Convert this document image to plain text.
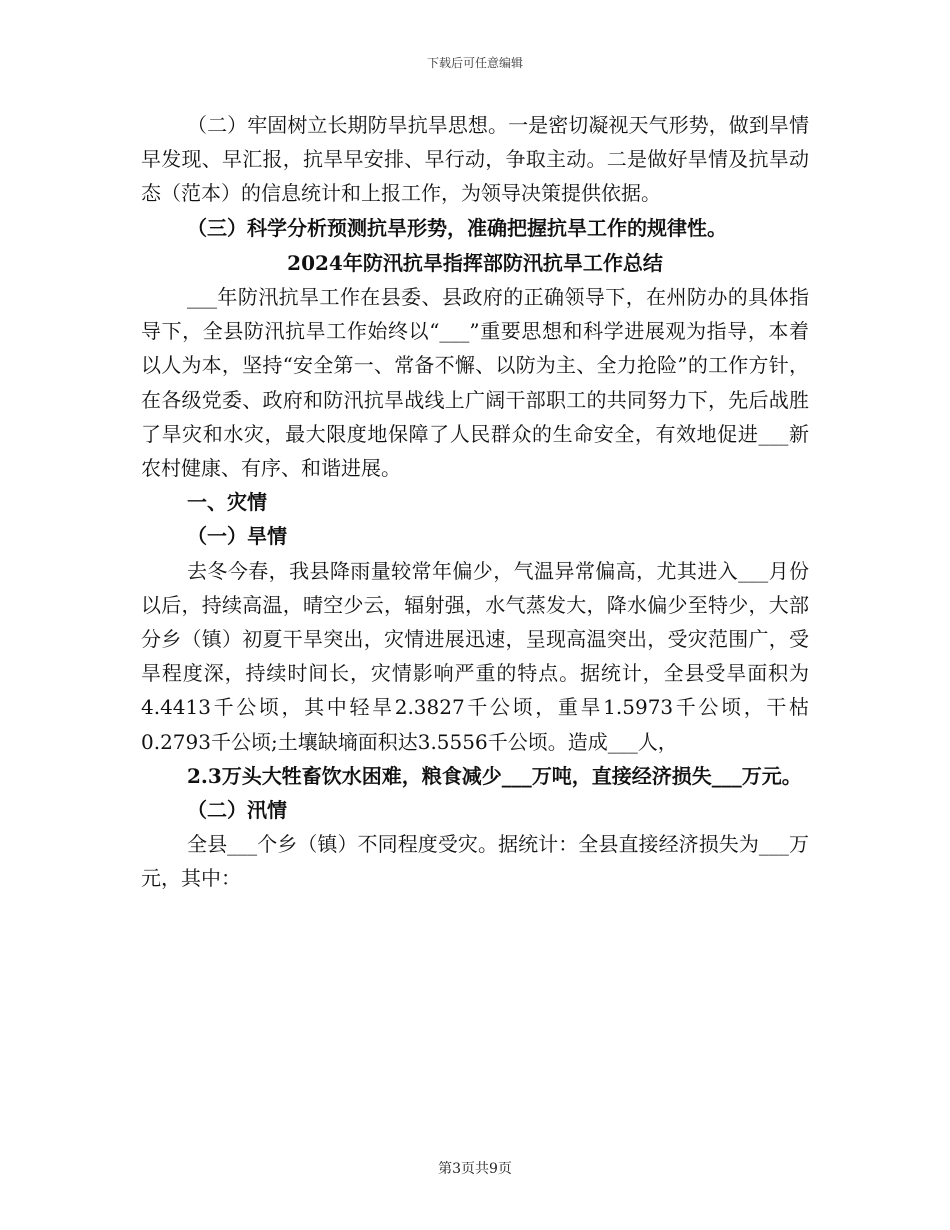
下载后可任意编辑

（二）牢固树立长期防旱抗旱思想。一是密切凝视天气形势，做到旱情早发现、早汇报，抗旱早安排、早行动，争取主动。二是做好旱情及抗旱动态（范本）的信息统计和上报工作，为领导决策提供依据。

（三）科学分析预测抗旱形势，准确把握抗旱工作的规律性。

2024年防汛抗旱指挥部防汛抗旱工作总结

___年防汛抗旱工作在县委、县政府的正确领导下，在州防办的具体指导下，全县防汛抗旱工作始终以“___”重要思想和科学进展观为指导，本着以人为本，坚持“安全第一、常备不懈、以防为主、全力抢险”的工作方针，在各级党委、政府和防汛抗旱战线上广阔干部职工的共同努力下，先后战胜了旱灾和水灾，最大限度地保障了人民群众的生命安全，有效地促进___新农村健康、有序、和谐进展。

一、灾情

（一）旱情

去冬今春，我县降雨量较常年偏少，气温异常偏高，尤其进入___月份以后，持续高温，晴空少云，辐射强，水气蒸发大，降水偏少至特少，大部分乡（镇）初夏干旱突出，灾情进展迅速，呈现高温突出，受灾范围广，受旱程度深，持续时间长，灾情影响严重的特点。据统计，全县受旱面积为4.4413千公顷，其中轻旱2.3827千公顷，重旱1.5973千公顷，干枯0.2793千公顷;土壤缺墒面积达3.5556千公顷。造成___人，

2.3万头大牲畜饮水困难，粮食减少___万吨，直接经济损失___万元。

（二）汛情

全县___个乡（镇）不同程度受灾。据统计：全县直接经济损失为___万元，其中：

第3页共9页
